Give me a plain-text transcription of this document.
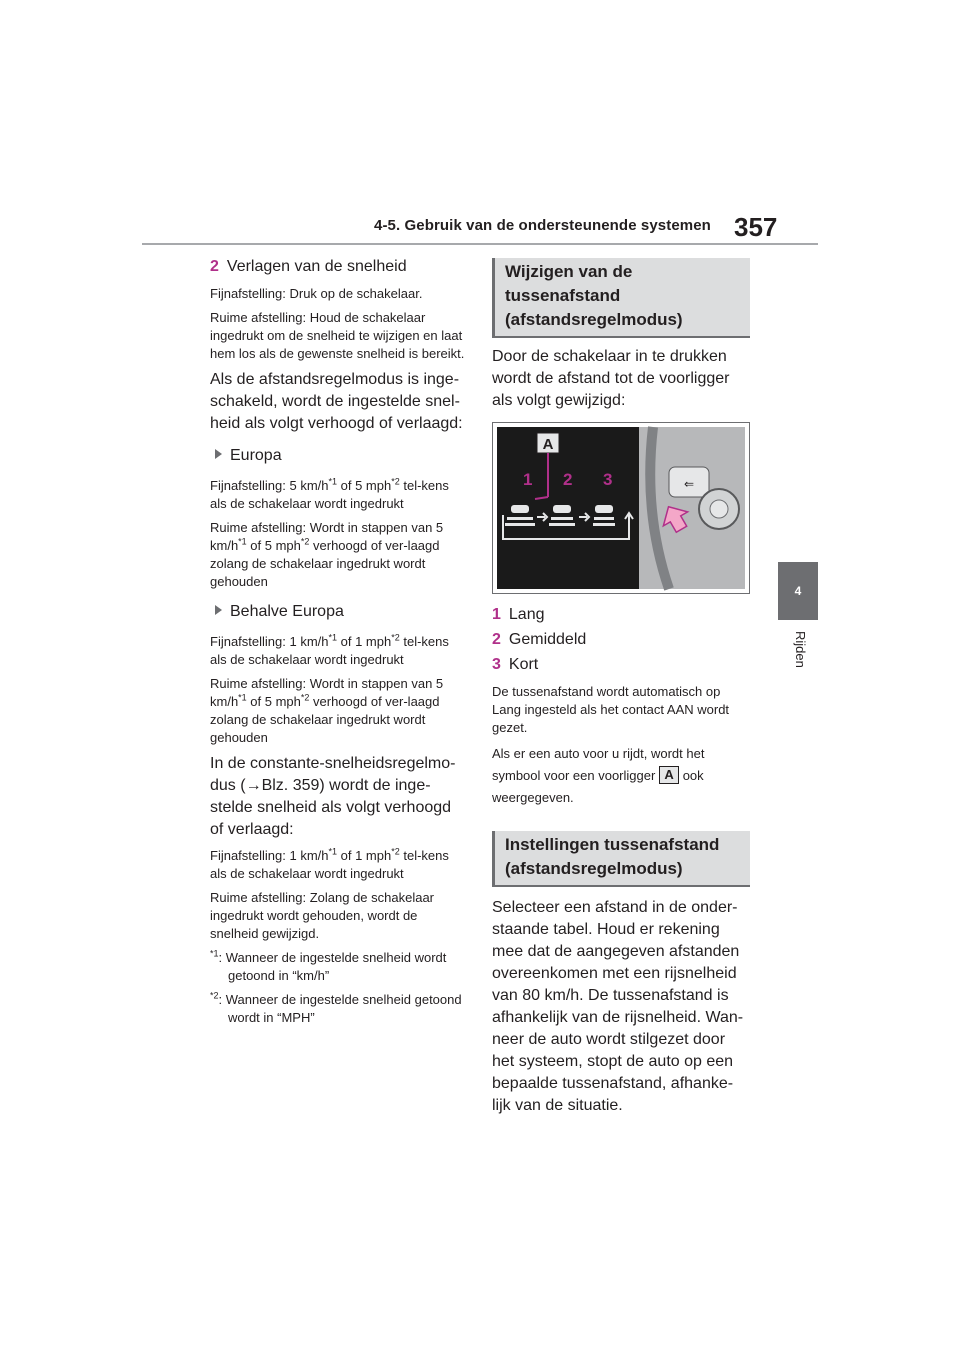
4-5. Gebruik van de ondersteunende systemen 357
4
Rijden
2 Verlagen van de snelheid

Fijnafstelling: Druk op de schakelaar.

Ruime afstelling: Houd de schakelaar ingedrukt om de snelheid te wijzigen en laat hem los als de gewenste snelheid is bereikt.

Als de afstandsregelmodus is inge-schakeld, wordt de ingestelde snel-heid als volgt verhoogd of verlaagd:

Europa

Fijnafstelling: 5 $km/h^{*1}$ of 5 mph$^{*2}$ tel-kens als de schakelaar wordt ingedrukt

Ruime afstelling: Wordt in stappen van 5 $km/h^{*1}$ of 5 mph$^{*2}$ verhoogd of ver-laagd zolang de schakelaar ingedrukt wordt gehouden

Behalve Europa

Fijnafstelling: 1 $km/h^{*1}$ of 1 mph$^{*2}$ tel-kens als de schakelaar wordt ingedrukt

Ruime afstelling: Wordt in stappen van 5 $km/h^{*1}$ of 5 mph$^{*2}$ verhoogd of ver-laagd zolang de schakelaar ingedrukt wordt gehouden

In de constante-snelheidsregelmo-dus (→Blz. 359) wordt de inge-stelde snelheid als volgt verhoogd of verlaagd:

Fijnafstelling: 1 $km/h^{*1}$ of 1 mph$^{*2}$ tel-kens als de schakelaar wordt ingedrukt

Ruime afstelling: Zolang de schakelaar ingedrukt wordt gehouden, wordt de snelheid gewijzigd.

$^{*1}$: Wanneer de ingestelde snelheid wordt getoond in “km/h”

$^{*2}$: Wanneer de ingestelde snelheid getoond wordt in “MPH”

Wijzigen van de tussenafstand (afstandsregelmodus)

Door de schakelaar in te drukken wordt de afstand tot de voorligger als volgt gewijzigd:

⇐
A
1 2 3
1 Lang
2 Gemiddeld
3 Kort

De tussenafstand wordt automatisch op Lang ingesteld als het contact AAN wordt gezet.

Als er een auto voor u rijdt, wordt het symbool voor een voorligger A ook weergegeven.

Instellingen tussenafstand (afstandsregelmodus)

Selecteer een afstand in de onder-staande tabel. Houd er rekening mee dat de aangegeven afstanden overeenkomen met een rijsnelheid van 80 km/h. De tussenafstand is afhankelijk van de rijsnelheid. Wan-neer de auto wordt stilgezet door het systeem, stopt de auto op een bepaalde tussenafstand, afhanke-lijk van de situatie.
